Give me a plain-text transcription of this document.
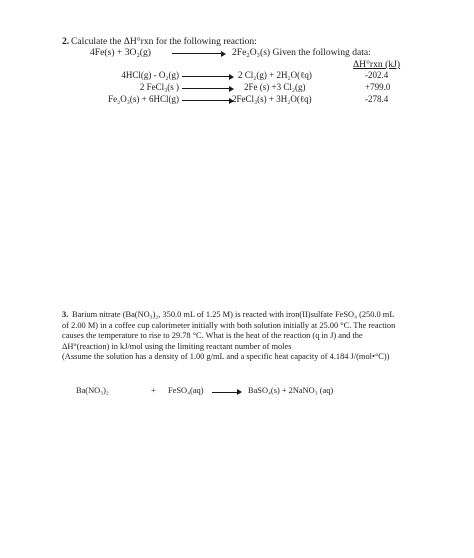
2. Calculate the ΔH°rxn for the following reaction:
4Fe(s) + 3O₂(g)	2Fe₂O₃(s) Given the following data:
ΔH°rxn (kJ)
4HCl(g) - O₂(g) → 2 Cl₂(g) + 2H₂O(ℓq)	-202.4
2 FeCl₃(s ) → 2Fe (s) +3 Cl₂(g)	+799.0
Fe₂O₃(s) + 6HCl(g) → 2FeCl₃(s) + 3H₂O(ℓq)	-278.4
3. Barium nitrate (Ba(NO₃)₂, 350.0 mL of 1.25 M) is reacted with iron(II)sulfate FeSO₄ (250.0 mL
of 2.00 M) in a coffee cup calorimeter initially with both solution initially at 25.00 °C. The reaction
causes the temperature to rise to 29.78 °C. What is the heat of the reaction (q in J) and the
ΔH°(reaction) in kJ/mol using the limiting reactant number of moles
(Assume the solution has a density of 1.00 g/mL and a specific heat capacity of 4.184 J/(mol•°C))
Ba(NO₃)₂	+ FeSO₄(aq)	BaSO₄(s) + 2NaNO₃ (aq)
